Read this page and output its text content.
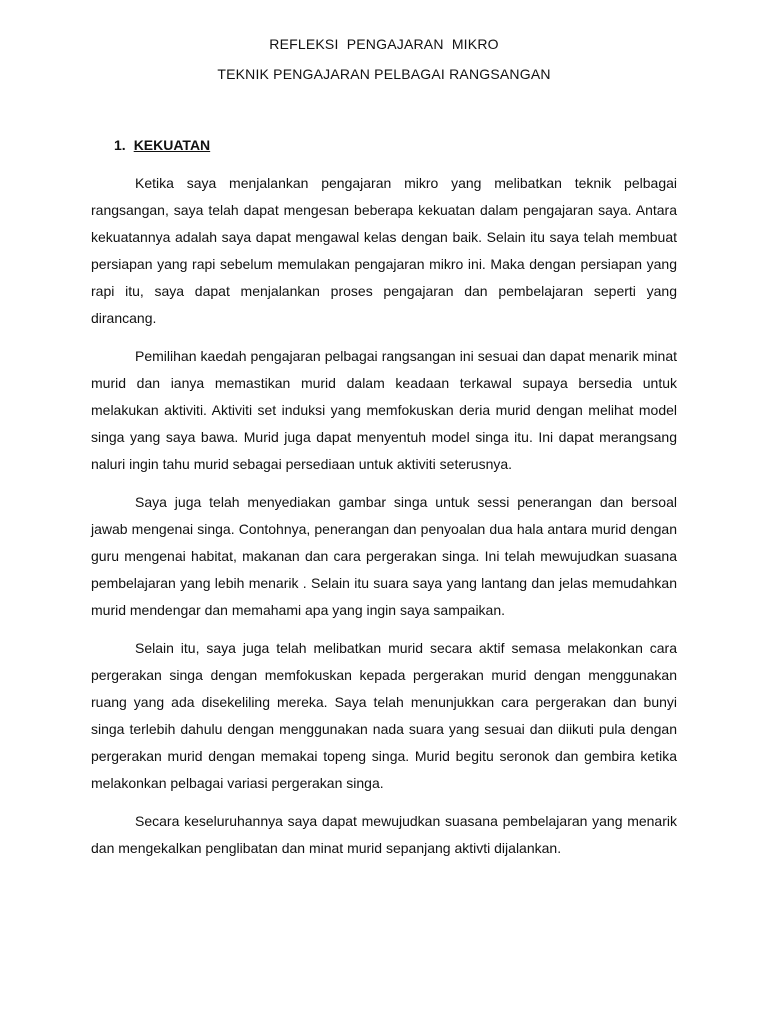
REFLEKSI  PENGAJARAN  MIKRO
TEKNIK PENGAJARAN PELBAGAI RANGSANGAN
1. KEKUATAN

Ketika saya menjalankan pengajaran mikro yang melibatkan teknik pelbagai rangsangan, saya telah dapat mengesan beberapa kekuatan dalam pengajaran saya. Antara kekuatannya adalah saya dapat mengawal kelas dengan baik. Selain itu saya telah membuat persiapan yang rapi sebelum memulakan pengajaran mikro ini. Maka dengan persiapan yang rapi itu, saya dapat menjalankan proses pengajaran dan pembelajaran seperti yang dirancang.

Pemilihan kaedah pengajaran pelbagai rangsangan ini sesuai dan dapat menarik minat murid dan ianya memastikan murid dalam keadaan terkawal supaya bersedia untuk melakukan aktiviti. Aktiviti set induksi yang memfokuskan deria murid dengan melihat model singa yang saya bawa. Murid juga dapat menyentuh model singa itu. Ini dapat merangsang naluri ingin tahu murid sebagai persediaan untuk aktiviti seterusnya.

Saya juga telah menyediakan gambar singa untuk sessi penerangan dan bersoal jawab mengenai singa. Contohnya, penerangan dan penyoalan dua hala antara murid dengan guru mengenai habitat, makanan dan cara pergerakan singa. Ini telah mewujudkan suasana pembelajaran yang lebih menarik . Selain itu suara saya yang lantang dan jelas memudahkan murid mendengar dan memahami apa yang ingin saya sampaikan.

Selain itu, saya juga telah melibatkan murid secara aktif semasa melakonkan cara pergerakan singa dengan memfokuskan kepada pergerakan murid dengan menggunakan ruang yang ada disekeliling mereka. Saya telah menunjukkan cara pergerakan dan bunyi singa terlebih dahulu dengan menggunakan nada suara yang sesuai dan diikuti pula dengan pergerakan murid dengan memakai topeng singa. Murid begitu seronok dan gembira ketika melakonkan pelbagai variasi pergerakan singa.

Secara keseluruhannya saya dapat mewujudkan suasana pembelajaran yang menarik dan mengekalkan penglibatan dan minat murid sepanjang aktivti dijalankan.
